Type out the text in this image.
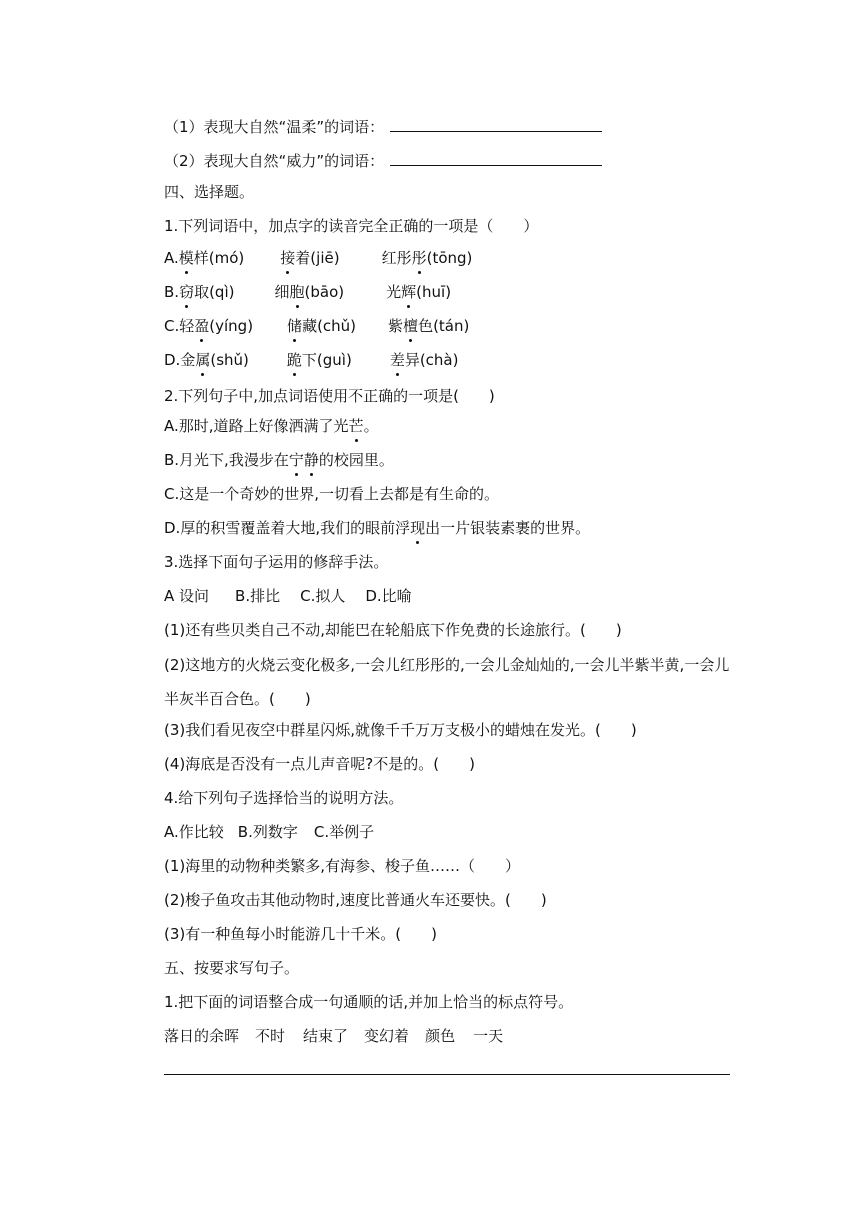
（1）表现大自然“温柔”的词语：
（2）表现大自然“威力”的词语：
四、选择题。
1.下列词语中，加点字的读音完全正确的一项是（　　）
A.模样(mó) 接着(jiē)	红彤彤(tōng)
B.窃取(qì)	细胞(bāo)	光辉(huī)
C.轻盈(yíng) 储藏(chǔ) 紫檀色(tán)
D.金属(shǔ)	跪下(guì)	差异(chà)
2.下列句子中,加点词语使用不正确的一项是(　　)
A.那时,道路上好像洒满了光芒。
B.月光下,我漫步在宁静的校园里。
C.这是一个奇妙的世界,一切看上去都是有生命的。
D.厚的积雪覆盖着大地,我们的眼前浮现出一片银装素裹的世界。
3.选择下面句子运用的修辞手法。
A 设问 B.排比 C.拟人 D.比喻
(1)还有些贝类自己不动,却能巴在轮船底下作免费的长途旅行。(　　)
(2)这地方的火烧云变化极多,一会儿红彤彤的,一会儿金灿灿的,一会儿半紫半黄,一会儿半灰半百合色。(　　)
(3)我们看见夜空中群星闪烁,就像千千万万支极小的蜡烛在发光。(　　)
(4)海底是否没有一点儿声音呢?不是的。(　　)
4.给下列句子选择恰当的说明方法。
A.作比较 B.列数字 C.举例子
(1)海里的动物种类繁多,有海参、梭子鱼……（　　）
(2)梭子鱼攻击其他动物时,速度比普通火车还要快。(　　)
(3)有一种鱼每小时能游几十千米。(　　)
五、按要求写句子。
1.把下面的词语整合成一句通顺的话,并加上恰当的标点符号。
落日的余晖 不时 结束了 变幻着 颜色 一天
